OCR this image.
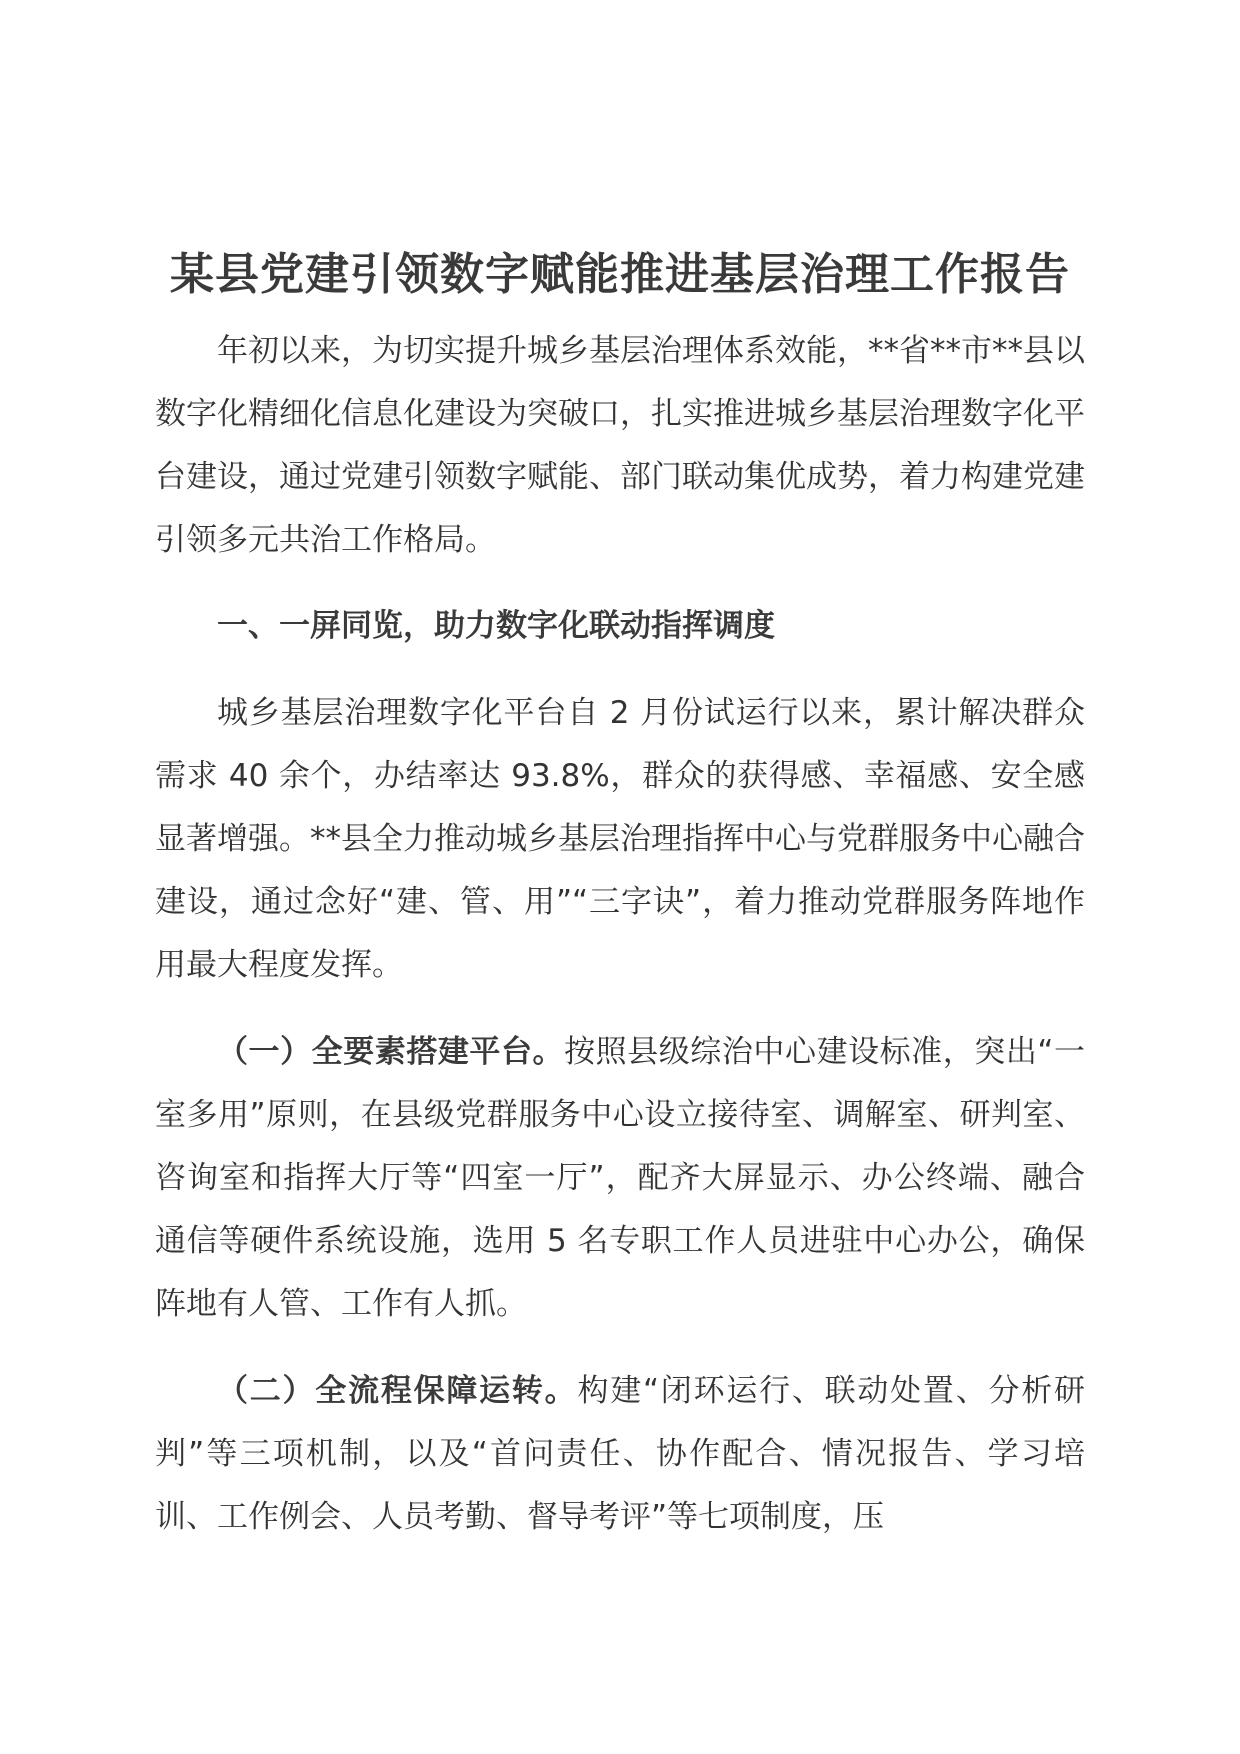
某县党建引领数字赋能推进基层治理工作报告

年初以来，为切实提升城乡基层治理体系效能，**省**市**县以数字化精细化信息化建设为突破口，扎实推进城乡基层治理数字化平台建设，通过党建引领数字赋能、部门联动集优成势，着力构建党建引领多元共治工作格局。

一、一屏同览，助力数字化联动指挥调度

城乡基层治理数字化平台自 2 月份试运行以来，累计解决群众需求 40 余个，办结率达 93.8%，群众的获得感、幸福感、安全感显著增强。**县全力推动城乡基层治理指挥中心与党群服务中心融合建设，通过念好“建、管、用”“三字诀”，着力推动党群服务阵地作用最大程度发挥。

（一）全要素搭建平台。按照县级综治中心建设标准，突出“一室多用”原则，在县级党群服务中心设立接待室、调解室、研判室、咨询室和指挥大厅等“四室一厅”，配齐大屏显示、办公终端、融合通信等硬件系统设施，选用 5 名专职工作人员进驻中心办公，确保阵地有人管、工作有人抓。

（二）全流程保障运转。构建“闭环运行、联动处置、分析研判”等三项机制，以及“首问责任、协作配合、情况报告、学习培训、工作例会、人员考勤、督导考评”等七项制度，压
